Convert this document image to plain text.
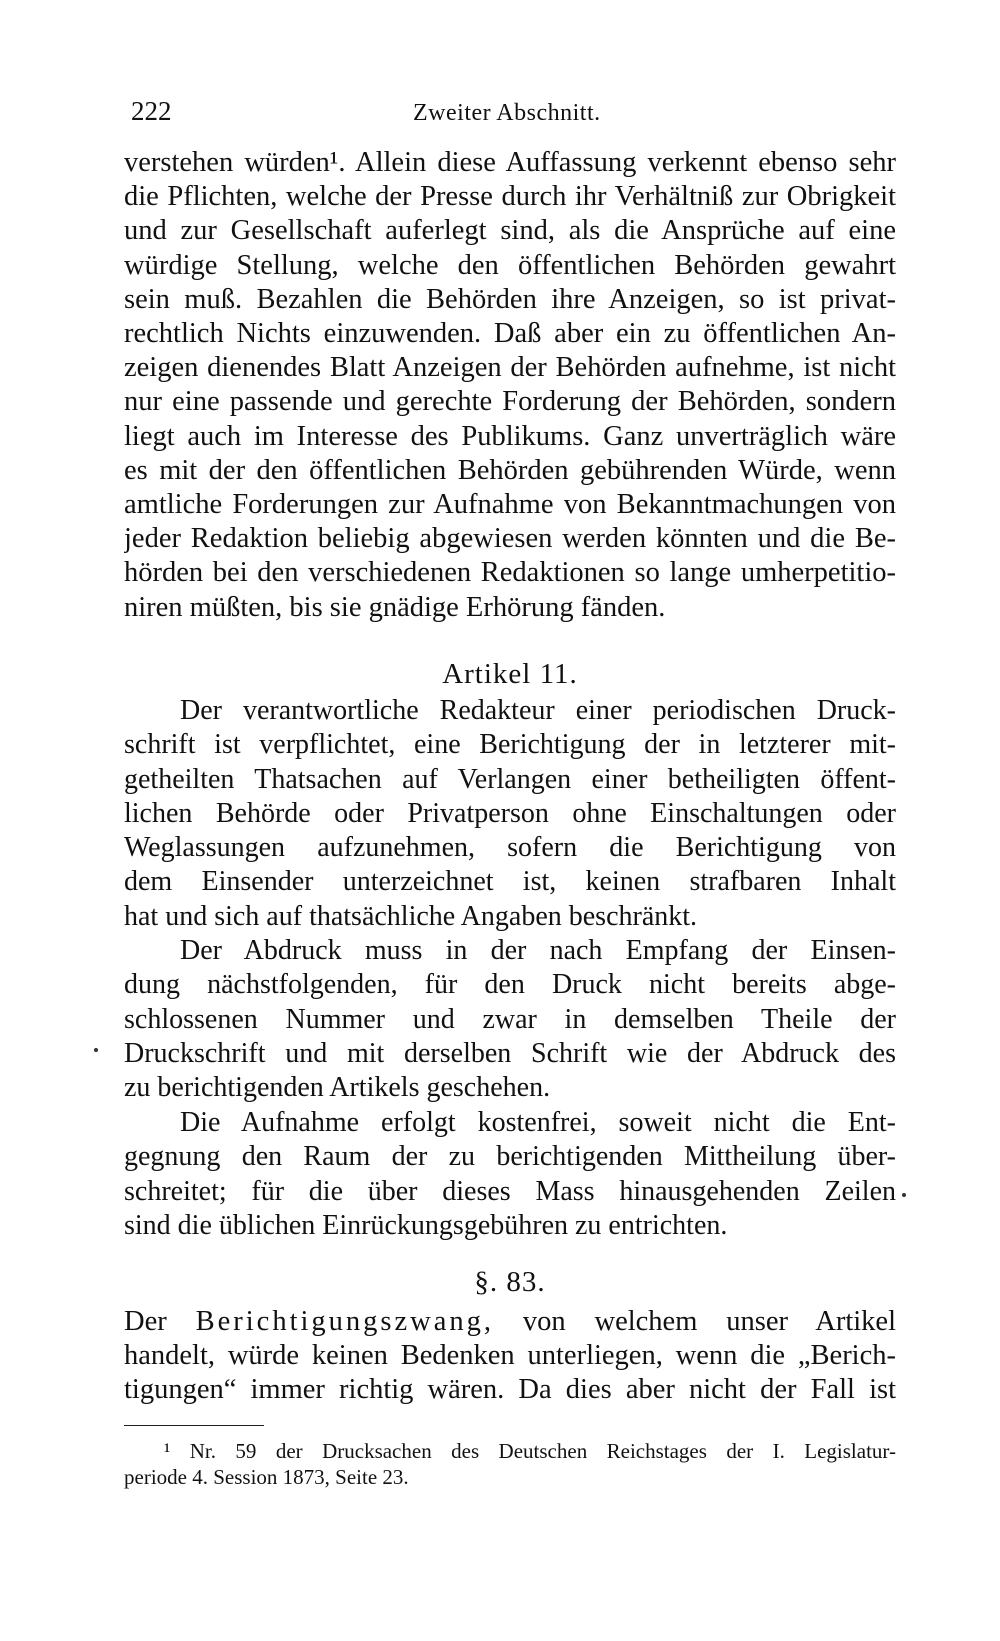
222	Zweiter Abschnitt.
verstehen würden¹. Allein diese Auffassung verkennt ebenso sehr
die Pflichten, welche der Presse durch ihr Verhältniß zur Obrigkeit
und zur Gesellschaft auferlegt sind, als die Ansprüche auf eine
würdige Stellung, welche den öffentlichen Behörden gewahrt
sein muß. Bezahlen die Behörden ihre Anzeigen, so ist privat-
rechtlich Nichts einzuwenden. Daß aber ein zu öffentlichen An-
zeigen dienendes Blatt Anzeigen der Behörden aufnehme, ist nicht
nur eine passende und gerechte Forderung der Behörden, sondern
liegt auch im Interesse des Publikums. Ganz unverträglich wäre
es mit der den öffentlichen Behörden gebührenden Würde, wenn
amtliche Forderungen zur Aufnahme von Bekanntmachungen von
jeder Redaktion beliebig abgewiesen werden könnten und die Be-
hörden bei den verschiedenen Redaktionen so lange umherpetitio-
niren müßten, bis sie gnädige Erhörung fänden.
Artikel 11.
Der verantwortliche Redakteur einer periodischen Druck-
schrift ist verpflichtet, eine Berichtigung der in letzterer mit-
getheilten Thatsachen auf Verlangen einer betheiligten öffent-
lichen Behörde oder Privatperson ohne Einschaltungen oder
Weglassungen aufzunehmen, sofern die Berichtigung von
dem Einsender unterzeichnet ist, keinen strafbaren Inhalt
hat und sich auf thatsächliche Angaben beschränkt.
Der Abdruck muss in der nach Empfang der Einsen-
dung nächstfolgenden, für den Druck nicht bereits abge-
schlossenen Nummer und zwar in demselben Theile der
Druckschrift und mit derselben Schrift wie der Abdruck des
zu berichtigenden Artikels geschehen.
Die Aufnahme erfolgt kostenfrei, soweit nicht die Ent-
gegnung den Raum der zu berichtigenden Mittheilung über-
schreitet; für die über dieses Mass hinausgehenden Zeilen
sind die üblichen Einrückungsgebühren zu entrichten.
§. 83.
Der Berichtigungszwang, von welchem unser Artikel
handelt, würde keinen Bedenken unterliegen, wenn die „Berich-
tigungen“ immer richtig wären. Da dies aber nicht der Fall ist
¹ Nr. 59 der Drucksachen des Deutschen Reichstages der I. Legislatur-
periode 4. Session 1873, Seite 23.
